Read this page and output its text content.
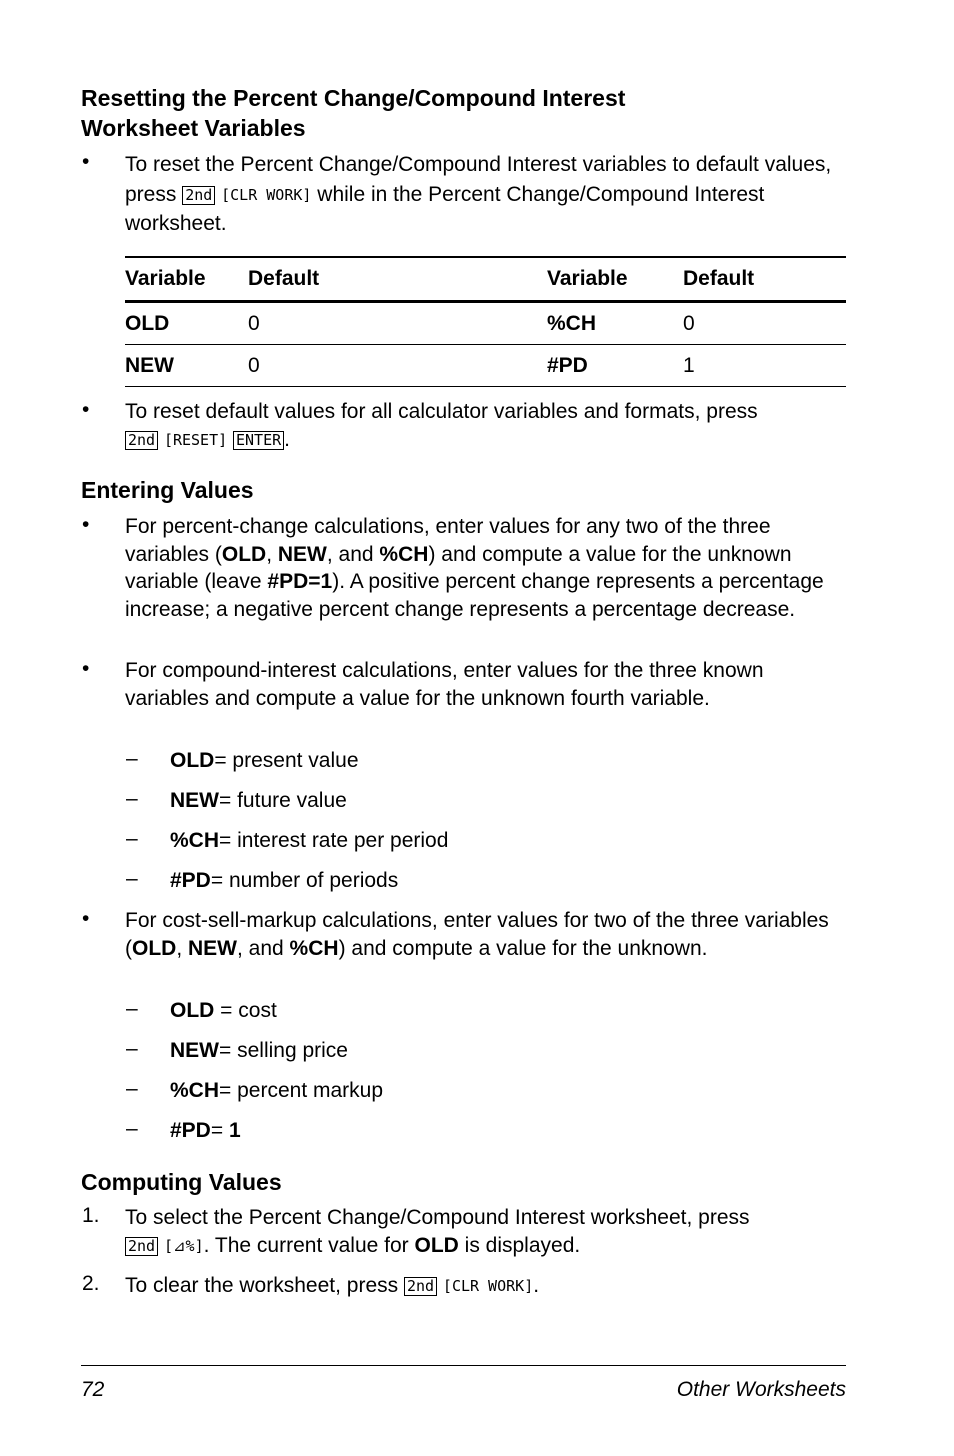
Resetting the Percent Change/Compound Interest
Worksheet Variables
• To reset the Percent Change/Compound Interest variables to default values, press 2nd [ CLR WORK ] while in the Percent Change/Compound Interest worksheet.
Variable	Default	Variable	Default
OLD	0	%CH	0
NEW	0	#PD	1
• To reset default values for all calculator variables and formats, press
2nd [ RESET ] ENTER .
Entering Values
• For percent-change calculations, enter values for any two of the three variables (OLD, NEW, and %CH) and compute a value for the unknown variable (leave #PD=1). A positive percent change represents a percentage increase; a negative percent change represents a percentage decrease.
• For compound-interest calculations, enter values for the three known variables and compute a value for the unknown fourth variable.
– OLD= present value
– NEW= future value
– %CH= interest rate per period
– #PD= number of periods
• For cost-sell-markup calculations, enter values for two of the three variables (OLD, NEW, and %CH) and compute a value for the unknown.
– OLD = cost
– NEW= selling price
– %CH= percent markup
– #PD= 1
Computing Values
1. To select the Percent Change/Compound Interest worksheet, press
2nd [ ⊿% ] . The current value for OLD is displayed.
2. To clear the worksheet, press 2nd [ CLR WORK ] .
72	Other Worksheets
